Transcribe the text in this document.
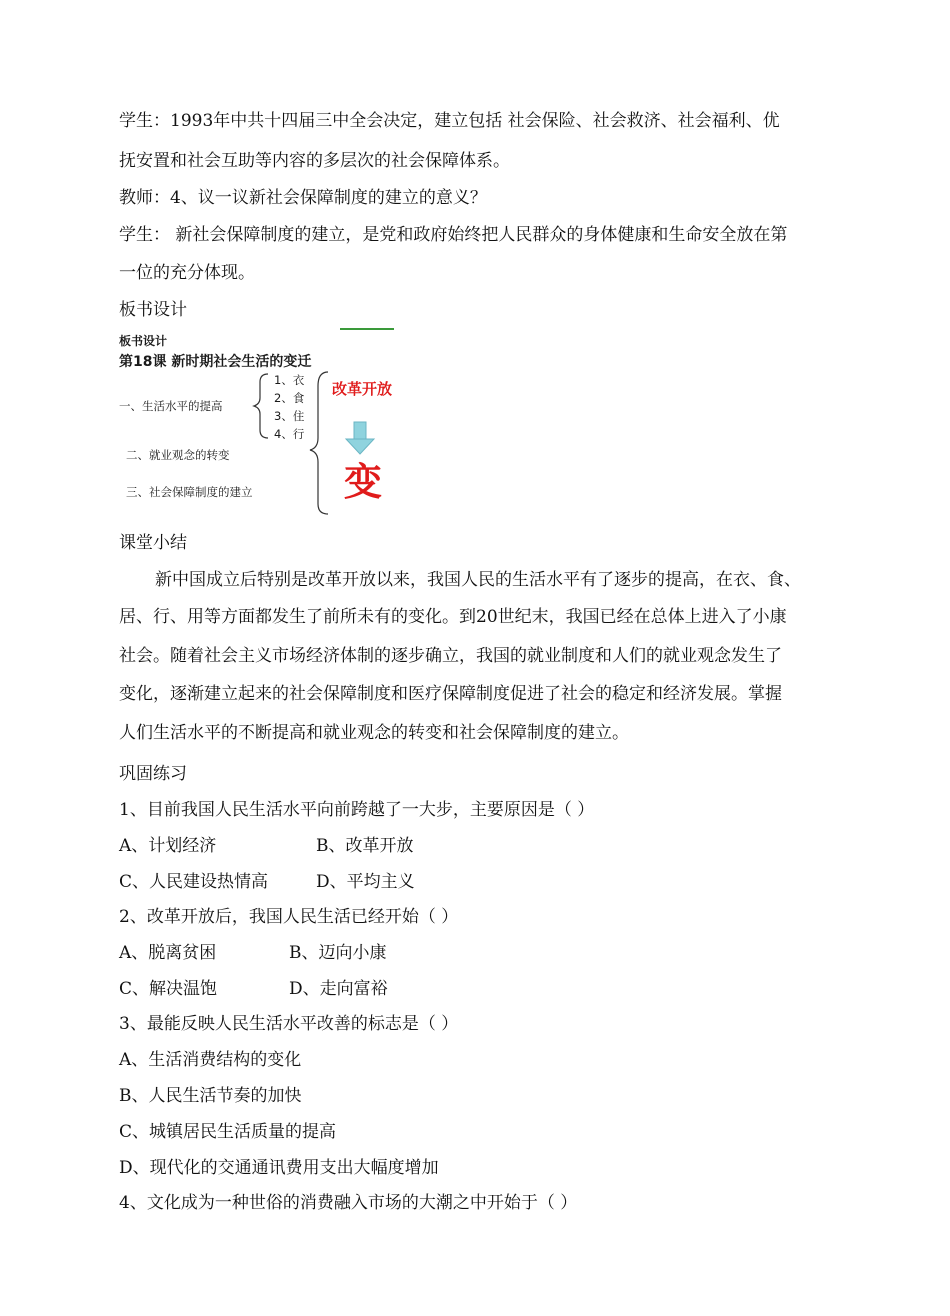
学生：1993年中共十四届三中全会决定，建立包括 社会保险、社会救济、社会福利、优
抚安置和社会互助等内容的多层次的社会保障体系。
教师：4、议一议新社会保障制度的建立的意义？
学生： 新社会保障制度的建立，是党和政府始终把人民群众的身体健康和生命安全放在第
一位的充分体现。
板书设计
板书设计
第18课 新时期社会生活的变迁
1、衣
2、食
3、住
4、行
一、生活水平的提高
二、就业观念的转变
三、社会保障制度的建立
改革开放
变
课堂小结
新中国成立后特别是改革开放以来，我国人民的生活水平有了逐步的提高，在衣、食、
居、行、用等方面都发生了前所未有的变化。到20世纪末，我国已经在总体上进入了小康
社会。随着社会主义市场经济体制的逐步确立，我国的就业制度和人们的就业观念发生了
变化，逐渐建立起来的社会保障制度和医疗保障制度促进了社会的稳定和经济发展。掌握
人们生活水平的不断提高和就业观念的转变和社会保障制度的建立。
巩固练习
1、目前我国人民生活水平向前跨越了一大步，主要原因是（ ）
A、计划经济	B、改革开放
C、人民建设热情高	D、平均主义
2、改革开放后，我国人民生活已经开始（ ）
A、脱离贫困	B、迈向小康
C、解决温饱	D、走向富裕
3、最能反映人民生活水平改善的标志是（ ）
A、生活消费结构的变化
B、人民生活节奏的加快
C、城镇居民生活质量的提高
D、现代化的交通通讯费用支出大幅度增加
4、文化成为一种世俗的消费融入市场的大潮之中开始于（ ）
